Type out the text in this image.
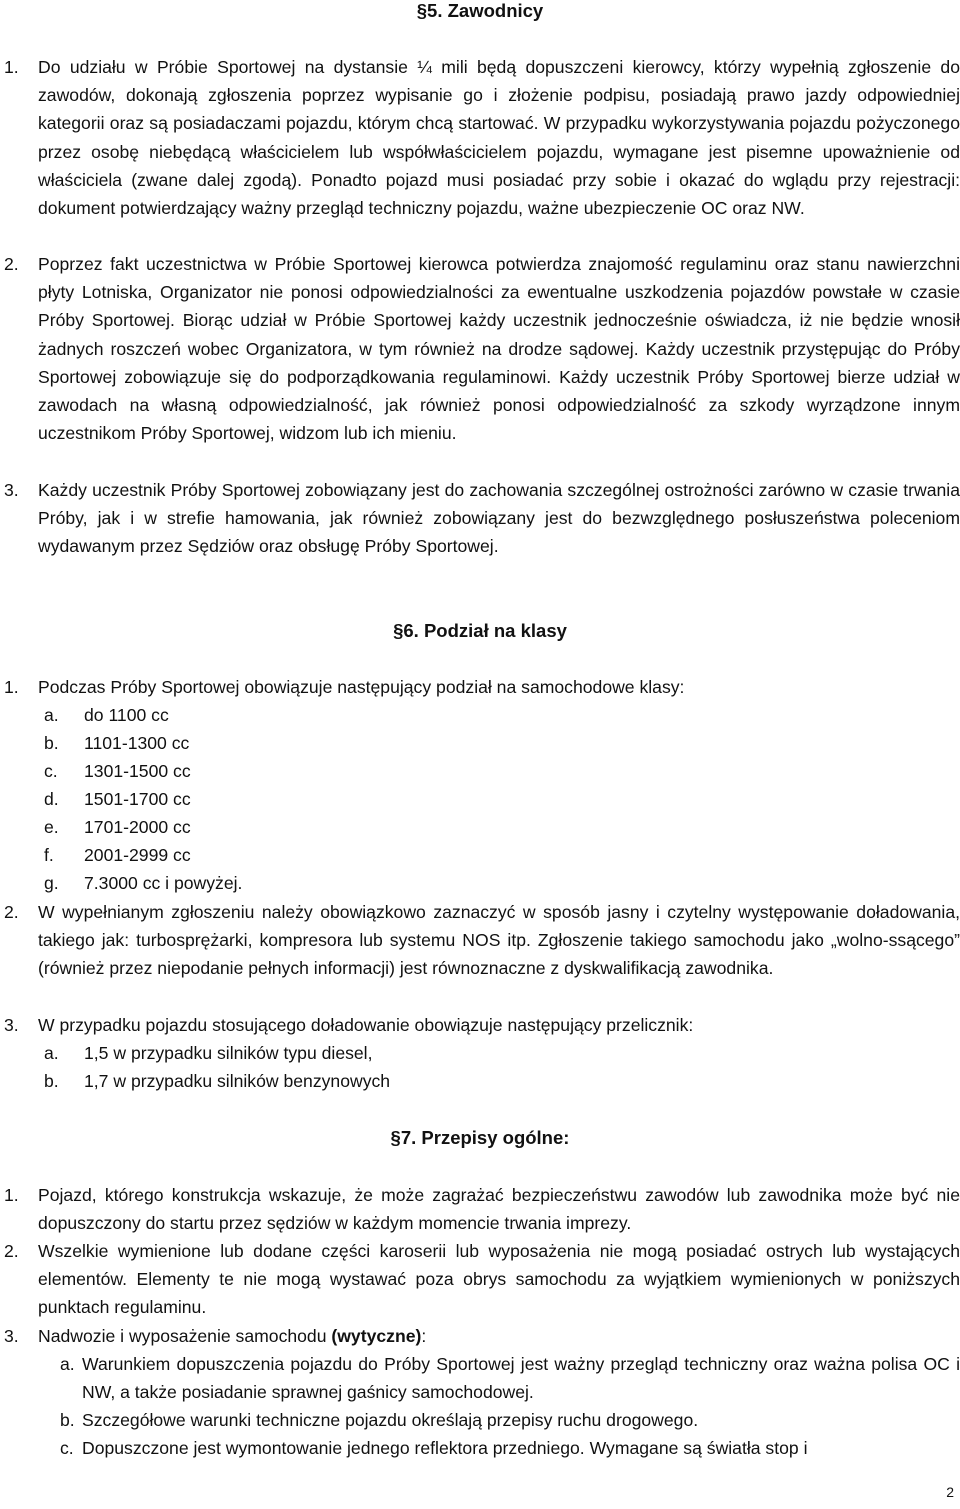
§5. Zawodnicy
1. Do udziału w Próbie Sportowej na dystansie ¼ mili będą dopuszczeni kierowcy, którzy wypełnią zgłoszenie do zawodów, dokonają zgłoszenia poprzez wypisanie go i złożenie podpisu, posiadają prawo jazdy odpowiedniej kategorii oraz są posiadaczami pojazdu, którym chcą startować. W przypadku wykorzystywania pojazdu pożyczonego przez osobę niebędącą właścicielem lub współwłaścicielem pojazdu, wymagane jest pisemne upoważnienie od właściciela (zwane dalej zgodą). Ponadto pojazd musi posiadać przy sobie i okazać do wglądu przy rejestracji: dokument potwierdzający ważny przegląd techniczny pojazdu, ważne ubezpieczenie OC oraz NW.
2. Poprzez fakt uczestnictwa w Próbie Sportowej kierowca potwierdza znajomość regulaminu oraz stanu nawierzchni płyty Lotniska, Organizator nie ponosi odpowiedzialności za ewentualne uszkodzenia pojazdów powstałe w czasie Próby Sportowej. Biorąc udział w Próbie Sportowej każdy uczestnik jednocześnie oświadcza, iż nie będzie wnosił żadnych roszczeń wobec Organizatora, w tym również na drodze sądowej. Każdy uczestnik przystępując do Próby Sportowej zobowiązuje się do podporządkowania regulaminowi. Każdy uczestnik Próby Sportowej bierze udział w zawodach na własną odpowiedzialność, jak również ponosi odpowiedzialność za szkody wyrządzone innym uczestnikom Próby Sportowej, widzom lub ich mieniu.
3. Każdy uczestnik Próby Sportowej zobowiązany jest do zachowania szczególnej ostrożności zarówno w czasie trwania Próby, jak i w strefie hamowania, jak również zobowiązany jest do bezwzględnego posłuszeństwa poleceniom wydawanym przez Sędziów oraz obsługę Próby Sportowej.
§6. Podział na klasy
1. Podczas Próby Sportowej obowiązuje następujący podział na samochodowe klasy:
a. do 1100 cc
b. 1101-1300 cc
c. 1301-1500 cc
d. 1501-1700 cc
e. 1701-2000 cc
f. 2001-2999 cc
g. 7.3000 cc i powyżej.
2. W wypełnianym zgłoszeniu należy obowiązkowo zaznaczyć w sposób jasny i czytelny występowanie doładowania, takiego jak: turbosprężarki, kompresora lub systemu NOS itp. Zgłoszenie takiego samochodu jako „wolno-ssącego” (również przez niepodanie pełnych informacji) jest równoznaczne z dyskwalifikacją zawodnika.
3. W przypadku pojazdu stosującego doładowanie obowiązuje następujący przelicznik:
a. 1,5 w przypadku silników typu diesel,
b. 1,7 w przypadku silników benzynowych
§7. Przepisy ogólne:
1. Pojazd, którego konstrukcja wskazuje, że może zagrażać bezpieczeństwu zawodów lub zawodnika może być nie dopuszczony do startu przez sędziów w każdym momencie trwania imprezy.
2. Wszelkie wymienione lub dodane części karoserii lub wyposażenia nie mogą posiadać ostrych lub wystających elementów. Elementy te nie mogą wystawać poza obrys samochodu za wyjątkiem wymienionych w poniższych punktach regulaminu.
3. Nadwozie i wyposażenie samochodu (wytyczne):
a. Warunkiem dopuszczenia pojazdu do Próby Sportowej jest ważny przegląd techniczny oraz ważna polisa OC i NW, a także posiadanie sprawnej gaśnicy samochodowej.
b. Szczegółowe warunki techniczne pojazdu określają przepisy ruchu drogowego.
c. Dopuszczone jest wymontowanie jednego reflektora przedniego. Wymagane są światła stop i
2
